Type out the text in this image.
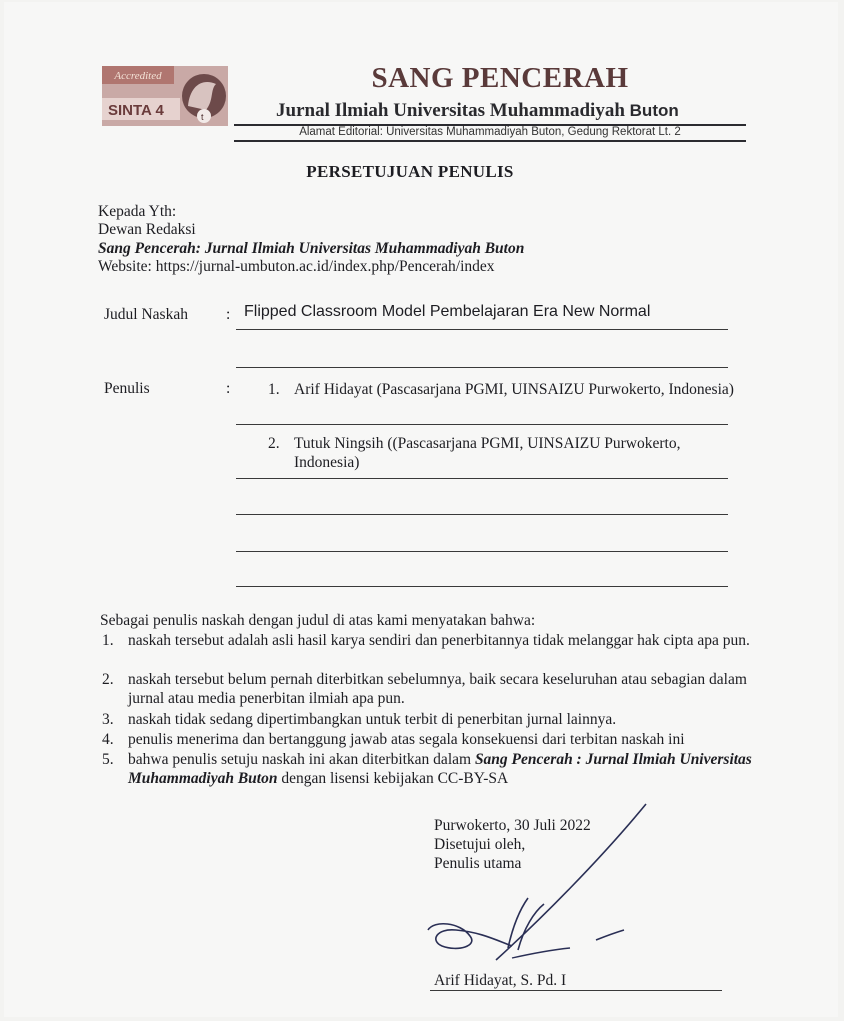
Accredited
SINTA 4	t
SANG PENCERAH
Jurnal Ilmiah Universitas Muhammadiyah Buton
Alamat Editorial: Universitas Muhammadiyah Buton, Gedung Rektorat Lt. 2
PERSETUJUAN PENULIS
Kepada Yth:
Dewan Redaksi
Sang Pencerah: Jurnal Ilmiah Universitas Muhammadiyah Buton
Website: https://jurnal-umbuton.ac.id/index.php/Pencerah/index
Judul Naskah : Flipped Classroom Model Pembelajaran Era New Normal
Penulis	: 1. Arif Hidayat (Pascasarjana PGMI, UINSAIZU Purwokerto, Indonesia)
2. Tutuk Ningsih ((Pascasarjana PGMI, UINSAIZU Purwokerto, Indonesia)
Sebagai penulis naskah dengan judul di atas kami menyatakan bahwa:
1. naskah tersebut adalah asli hasil karya sendiri dan penerbitannya tidak melanggar hak cipta apa pun.
2. naskah tersebut belum pernah diterbitkan sebelumnya, baik secara keseluruhan atau sebagian dalam jurnal atau media penerbitan ilmiah apa pun.
3. naskah tidak sedang dipertimbangkan untuk terbit di penerbitan jurnal lainnya.
4. penulis menerima dan bertanggung jawab atas segala konsekuensi dari terbitan naskah ini
5. bahwa penulis setuju naskah ini akan diterbitkan dalam Sang Pencerah : Jurnal Ilmiah Universitas Muhammadiyah Buton dengan lisensi kebijakan CC-BY-SA
Purwokerto, 30 Juli 2022
Disetujui oleh,
Penulis utama
Arif Hidayat, S. Pd. I
